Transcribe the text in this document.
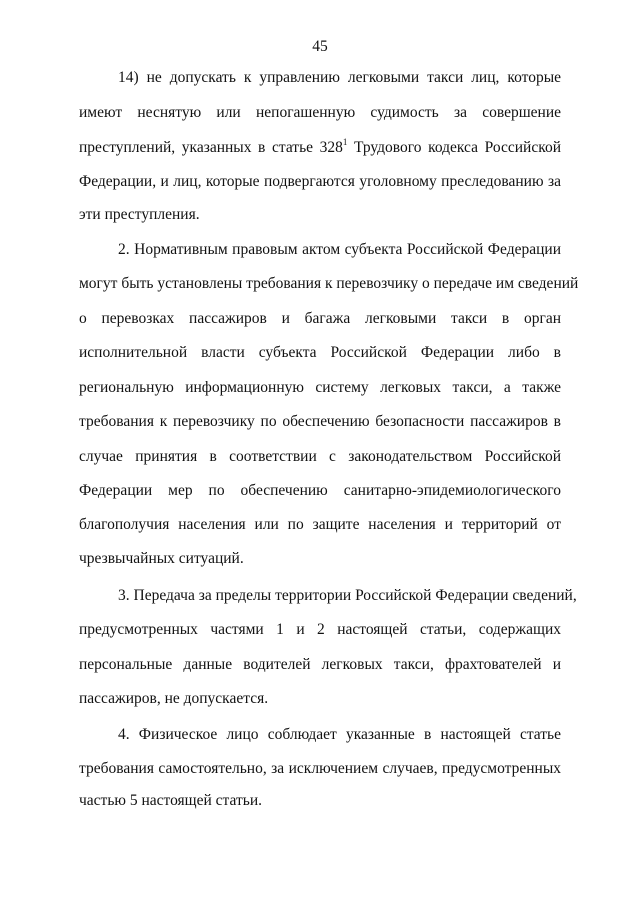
45
14) не допускать к управлению легковыми такси лиц, которые
имеют неснятую или непогашенную судимость за совершение
преступлений, указанных в статье $328^1$ Трудового кодекса Российской
Федерации, и лиц, которые подвергаются уголовному преследованию за
эти преступления.
2. Нормативным правовым актом субъекта Российской Федерации
могут быть установлены требования к перевозчику о передаче им сведений
о перевозках пассажиров и багажа легковыми такси в орган
исполнительной власти субъекта Российской Федерации либо в
региональную информационную систему легковых такси, а также
требования к перевозчику по обеспечению безопасности пассажиров в
случае принятия в соответствии с законодательством Российской
Федерации мер по обеспечению санитарно-эпидемиологического
благополучия населения или по защите населения и территорий от
чрезвычайных ситуаций.
3. Передача за пределы территории Российской Федерации сведений,
предусмотренных частями 1 и 2 настоящей статьи, содержащих
персональные данные водителей легковых такси, фрахтователей и
пассажиров, не допускается.
4. Физическое лицо соблюдает указанные в настоящей статье
требования самостоятельно, за исключением случаев, предусмотренных
частью 5 настоящей статьи.
